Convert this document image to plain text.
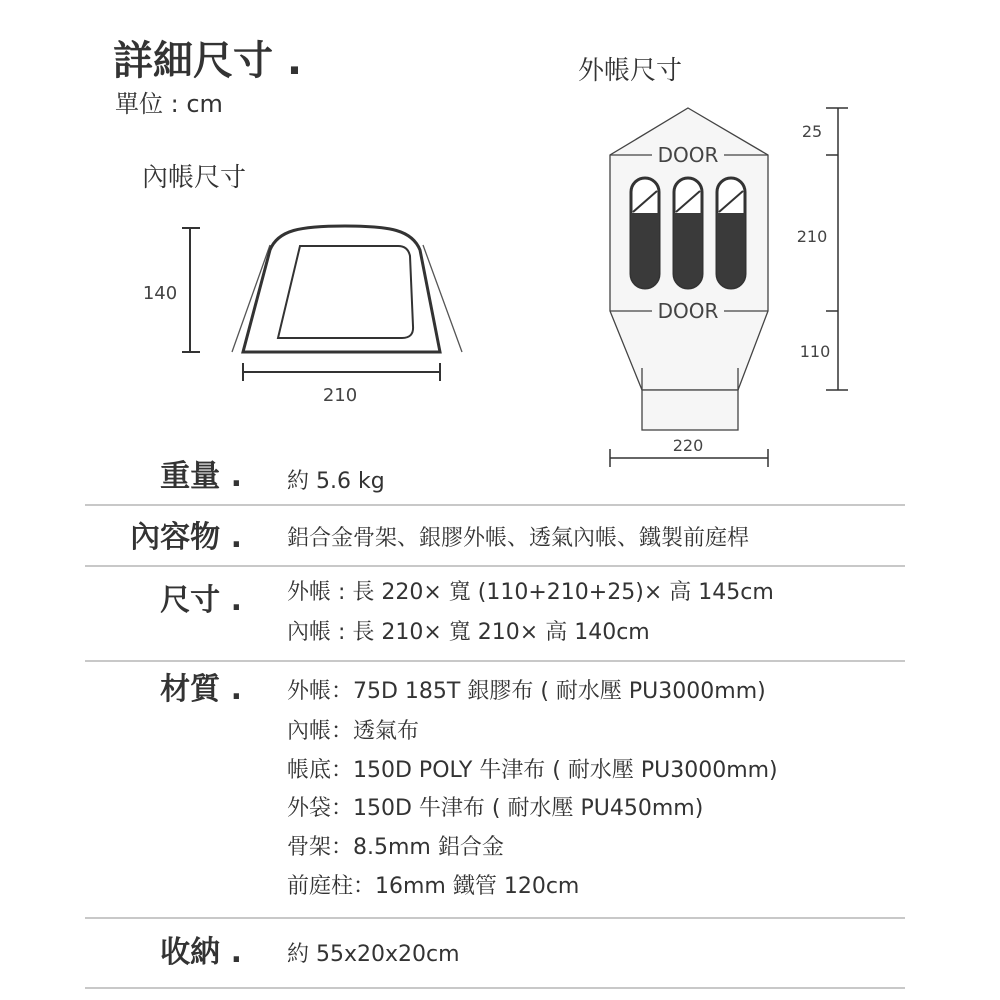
140
210
DOOR
DOOR
25
210
110
220
詳細尺寸 .
單位 : cm
外帳尺寸
內帳尺寸
重量 . 約 5.6 kg
內容物 . 鋁合金骨架、銀膠外帳、透氣內帳、鐵製前庭桿
尺寸 . 外帳 : 長 220× 寬 (110+210+25)× 高 145cm
內帳 : 長 210× 寬 210× 高 140cm
材質 . 外帳：75D 185T 銀膠布 ( 耐水壓 PU3000mm)
內帳：透氣布
帳底：150D POLY 牛津布 ( 耐水壓 PU3000mm)
外袋：150D 牛津布 ( 耐水壓 PU450mm)
骨架：8.5mm 鋁合金
前庭柱：16mm 鐵管 120cm
收納 . 約 55x20x20cm
